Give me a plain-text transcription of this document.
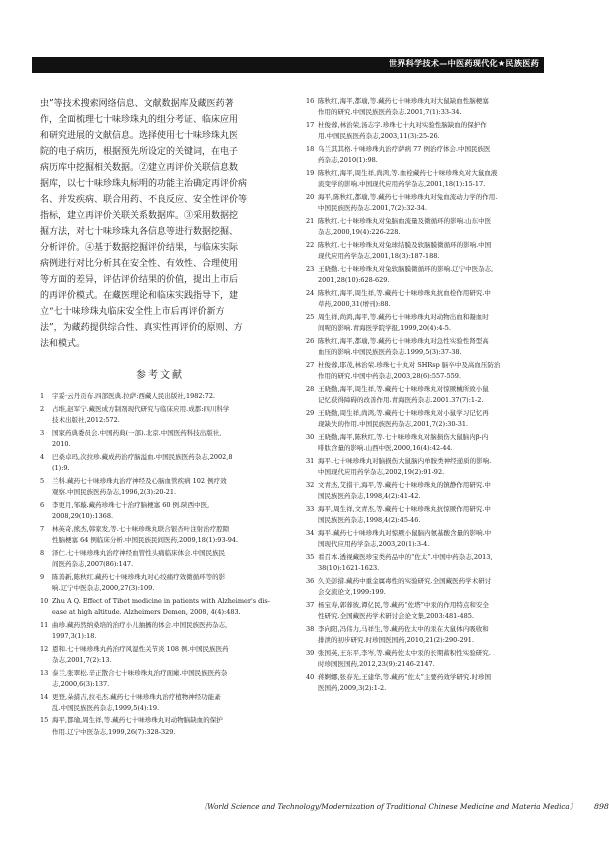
世界科学技术—中医药现代化★民族医药

虫”等技术搜索网络信息、文献数据库及藏医药著
作，全面梳理七十味珍珠丸的组分考证、临床应用
和研究进展的文献信息。选择使用七十味珍珠丸医
院的电子病历，根据预先所设定的关键词，在电子
病历库中挖掘相关数据。②建立再评价关联信息数
据库，以七十味珍珠丸标明的功能主治确定再评价病
名、并发疾病、联合用药、不良反应、安全性评价等
指标，建立再评价关联关系数据库。③采用数据挖
掘方法，对七十味珍珠丸各信息等进行数据挖掘、
分析评价。④基于数据挖掘评价结果，与临床实际
病例进行对比分析其在安全性、有效性、合理使用
等方面的差异，评估评价结果的价值，提出上市后
的再评价模式。在藏医理论和临床实践指导下，建
立“七十味珍珠丸临床安全性上市后再评价新方
法”，为藏药提供综合性、真实性再评价的原则、方
法和模式。

参考文献
1	宇妥·云丹贡布.四部医典.拉萨:西藏人民出版社,1982:72.
2	占堆,赵军宁.藏医成方制剂现代研究与临床应用.成都:四川科学
技术出版社,2012:572.
3	国家药典委员会.中国药典(一部).北京.中国医药科技出版社,
2010.
4	巴桑卓玛,次拉珍.藏成药治疗脑溢血.中国民族医药杂志,2002,8
(1):9.
5	兰科.藏药七十味珍珠丸治疗神经及心脑血管疾病 102 例疗效
观察.中国民族医药杂志,1996,2(3):20-21.
6	李更月,邹璇.藏药珍珠七十治疗脑梗塞 60 例.陕西中医,
2008,29(10):1368.
7	林英奇,熊杰,韩家发,等.七十味珍珠丸联合银杏叶注射治疗腔隙
性脑梗塞 64 例临床分析.中国民族民间医药,2009,18(1):93-94.
8	泽仁.七十味珍珠丸治疗神经血管性头痛临床体会.中国民族民
间医药杂志,2007(86):147.
9	陈善新,陈秋红.藏药七十味珍珠丸对心绞痛疗效微循环等的影
响.辽宁中医杂志,2000,27(3):109.
10 Zhu A Q. Effect of Tibet medicine in patients with Alzheimer's dis-
ease at high altitude. Alzheimers Demen, 2008, 4(4):483.
11 曲珍.藏药然纳桑培的治疗小儿抽搐的体会.中国民族医药杂志,
1997,3(1):18.
12 恩和.七十味珍珠丸药治疗风湿性关节炎 108 例.中国民族医药
杂志,2001,7(2):13.
13 泰兰,张翠松.辛正散合七十味珍珠丸治疗面瘫.中国民族医药杂
志,2000,6(3):137.
14 更登,朵措吉,拉毛杰.藏药七十味珍珠丸治疗植物神经功能紊
乱.中国民族医药杂志,1999,5(4):19.
15 海平,都瑜,周生祥,等.藏药七十味珍珠丸对动物脑缺血的保护
作用.辽宁中医杂志,1999,26(7):328-329.
16 陈秋红,海平,都瑜,等.藏药七十味珍珠丸对大鼠缺血性脑梗塞
作用的研究.中国民族医药杂志.2001,7(1):33-34.
17 杜俊蓉,林治荣,汤志宇.珍珠七十丸对实验性脑缺血的保护作
用.中国民族医药杂志,2003,11(3):25-26.
18 乌兰其其格.十味珍珠丸治疗萨病 77 例治疗体会.中国民族医
药杂志,2010(1):98.
19 陈秋红,海平,周生祥,尚鸿,等.血栓藏药七十味珍珠丸对大鼠血液
流变学的影响.中国现代应用药学杂志,2001,18(1):15-17.
20 海平,陈秋红,都瑜,等.藏药七十味珍珠丸对兔血流动力学的作用.
中国民族医药杂志.2001,7(2):32-34.
21 陈秋红.七十味珍珠丸对兔脑血流量及微循环的影响.山东中医
杂志,2000,19(4):226-228.
22 陈秋红.七十味珍珠丸对兔球结膜及软脑膜微循环的影响.中国
现代应用药学杂志,2001,18(3):187-188.
23 王晓勤.七十味珍珠丸对兔软脑膜微循环的影响.辽宁中医杂志,
2001,28(10):628-629.
24 陈秋红,海平,周生祥,等.藏药七十味珍珠丸抗血栓作用研究.中
草药,2000,31(增刊):88.
25 周生祥,尚鸿,海平,等.藏药七十味珍珠丸对动物出血和凝血时
间呢的影响.青海医学院学报,1999,20(4):4-5.
26 陈秋红,海平,都瑜,等.藏药七十味珍珠丸对急性实验性肾型高
血压的影响.中国民族医药杂志.1999,5(3):37-38.
27 杜俊蓉,耶茂,林治荣.珍珠七十丸对 SHRsp 脑卒中及高血压防治
作用的研究.中国中药杂志,2003,28(6):557-559.
28 王晓勤,海平,周生祥,等.藏药七十味珍珠丸对惊厥械所致小鼠
记忆获得障碍的改善作用.青海医药杂志.2001.37(7):1-2.
29 王晓勤,周生祥,尚鸿,等.藏药七十味珍珠丸对小鼠学习记忆再
现缺失的作用.中国民族医药杂志,2001,7(2):30-31.
30 王晓勤,海平,陈秋红,等.七十味珍珠丸对脑损伤大鼠脑内β-内
啡肽含量的影响.山西中医,2000,16(4):42-44.
31 海平.七十味珍珠丸对脑损伤大鼠脑内单胺类神经递质的影响.
中国现代应用药学杂志,2002,19(2):91-92.
32 文青杰,艾措干,海平,等.藏药七十味珍珠丸的镇静作用研究.中
国民族医药杂志,1998,4(2):41-42.
33 海平,周生祥,文青杰,等.藏药七十味珍珠丸抗惊厥作用研究.中
国民族医药杂志,1998,4(2):45-46.
34 海平.藏药七十味珍珠丸对惊厥小鼠脑内氨基酸含量的影响.中
国现代应用药学杂志,2003,20(1):3-4.
35 看召本.透视藏医珍宝类药品中的“佐太”.中国中药杂志,2013,
38(10):1621-1623.
36 久美彭措.藏药中重金属毒性的实验研究.全国藏医药学术研讨
会交流论文,1999:199.
37 杨宝寿,郭蓉彼,谭亿民,等.藏药“佐塔”中汞的作用特点和安全
性研究.全国藏医药学术研讨会论文集,2003:481-485.
38 李向阳,冯伟力,马祥生,等.藏药佐太中的汞在大鼠体内吸收和
排泄的初步研究.时珍国医国药,2010,21(2):290-291.
39 张国英,王东平,李岑,等.藏药佐太中汞的长期蓄积性实验研究.
时珍国医国药,2012,23(9):2146-2147.
40 蒋婀娜,张春光,王建华,等.藏药“佐太”主要药效学研究.时珍国
医国药,2009,3(2):1-2.
〔World Science and Technology/Modernization of Traditional Chinese Medicine and Materia Medica〕 898
